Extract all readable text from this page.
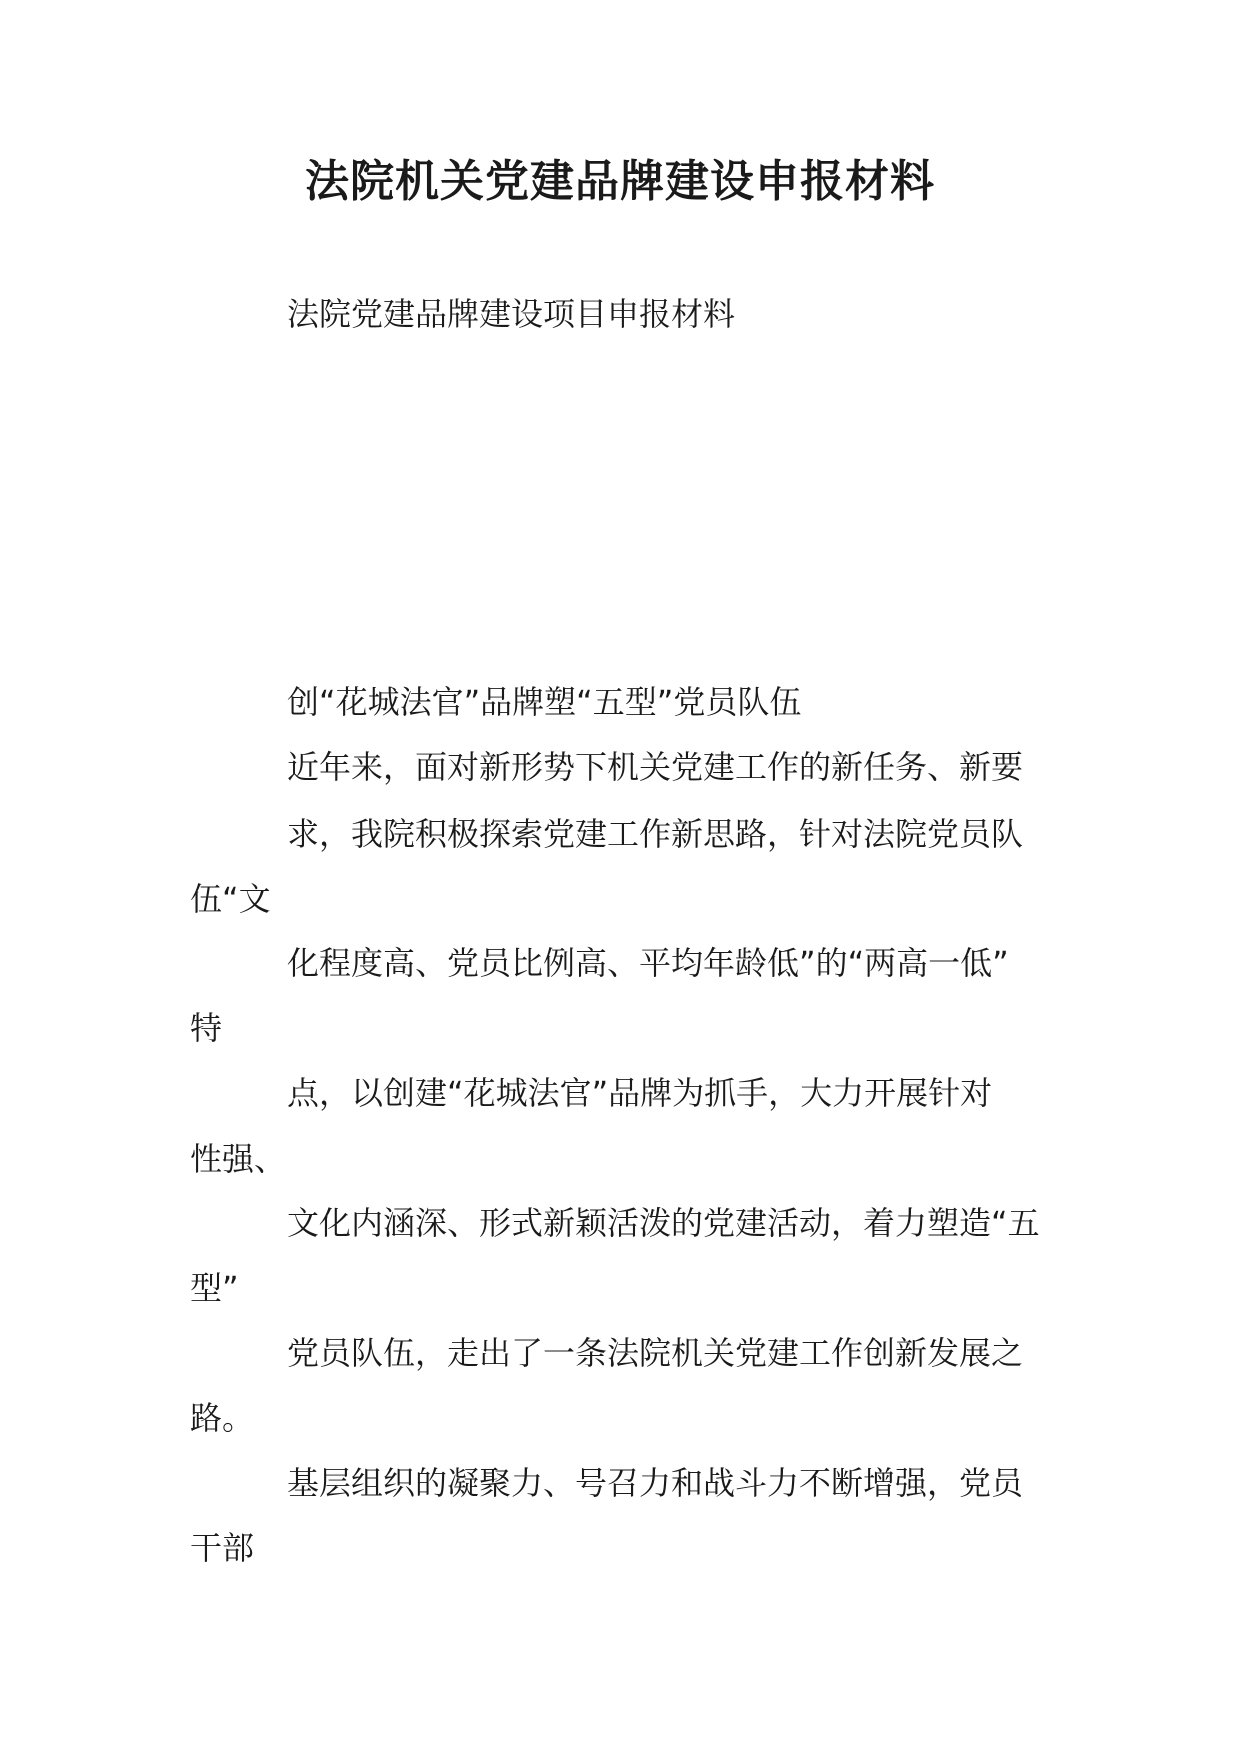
法院机关党建品牌建设申报材料
法院党建品牌建设项目申报材料
创“花城法官”品牌塑“五型”党员队伍
近年来，面对新形势下机关党建工作的新任务、新要
求，我院积极探索党建工作新思路，针对法院党员队
伍“文
化程度高、党员比例高、平均年龄低”的“两高一低”
特
点，以创建“花城法官”品牌为抓手，大力开展针对
性强、
文化内涵深、形式新颖活泼的党建活动，着力塑造“五
型”
党员队伍，走出了一条法院机关党建工作创新发展之
路。
基层组织的凝聚力、号召力和战斗力不断增强，党员
干部
